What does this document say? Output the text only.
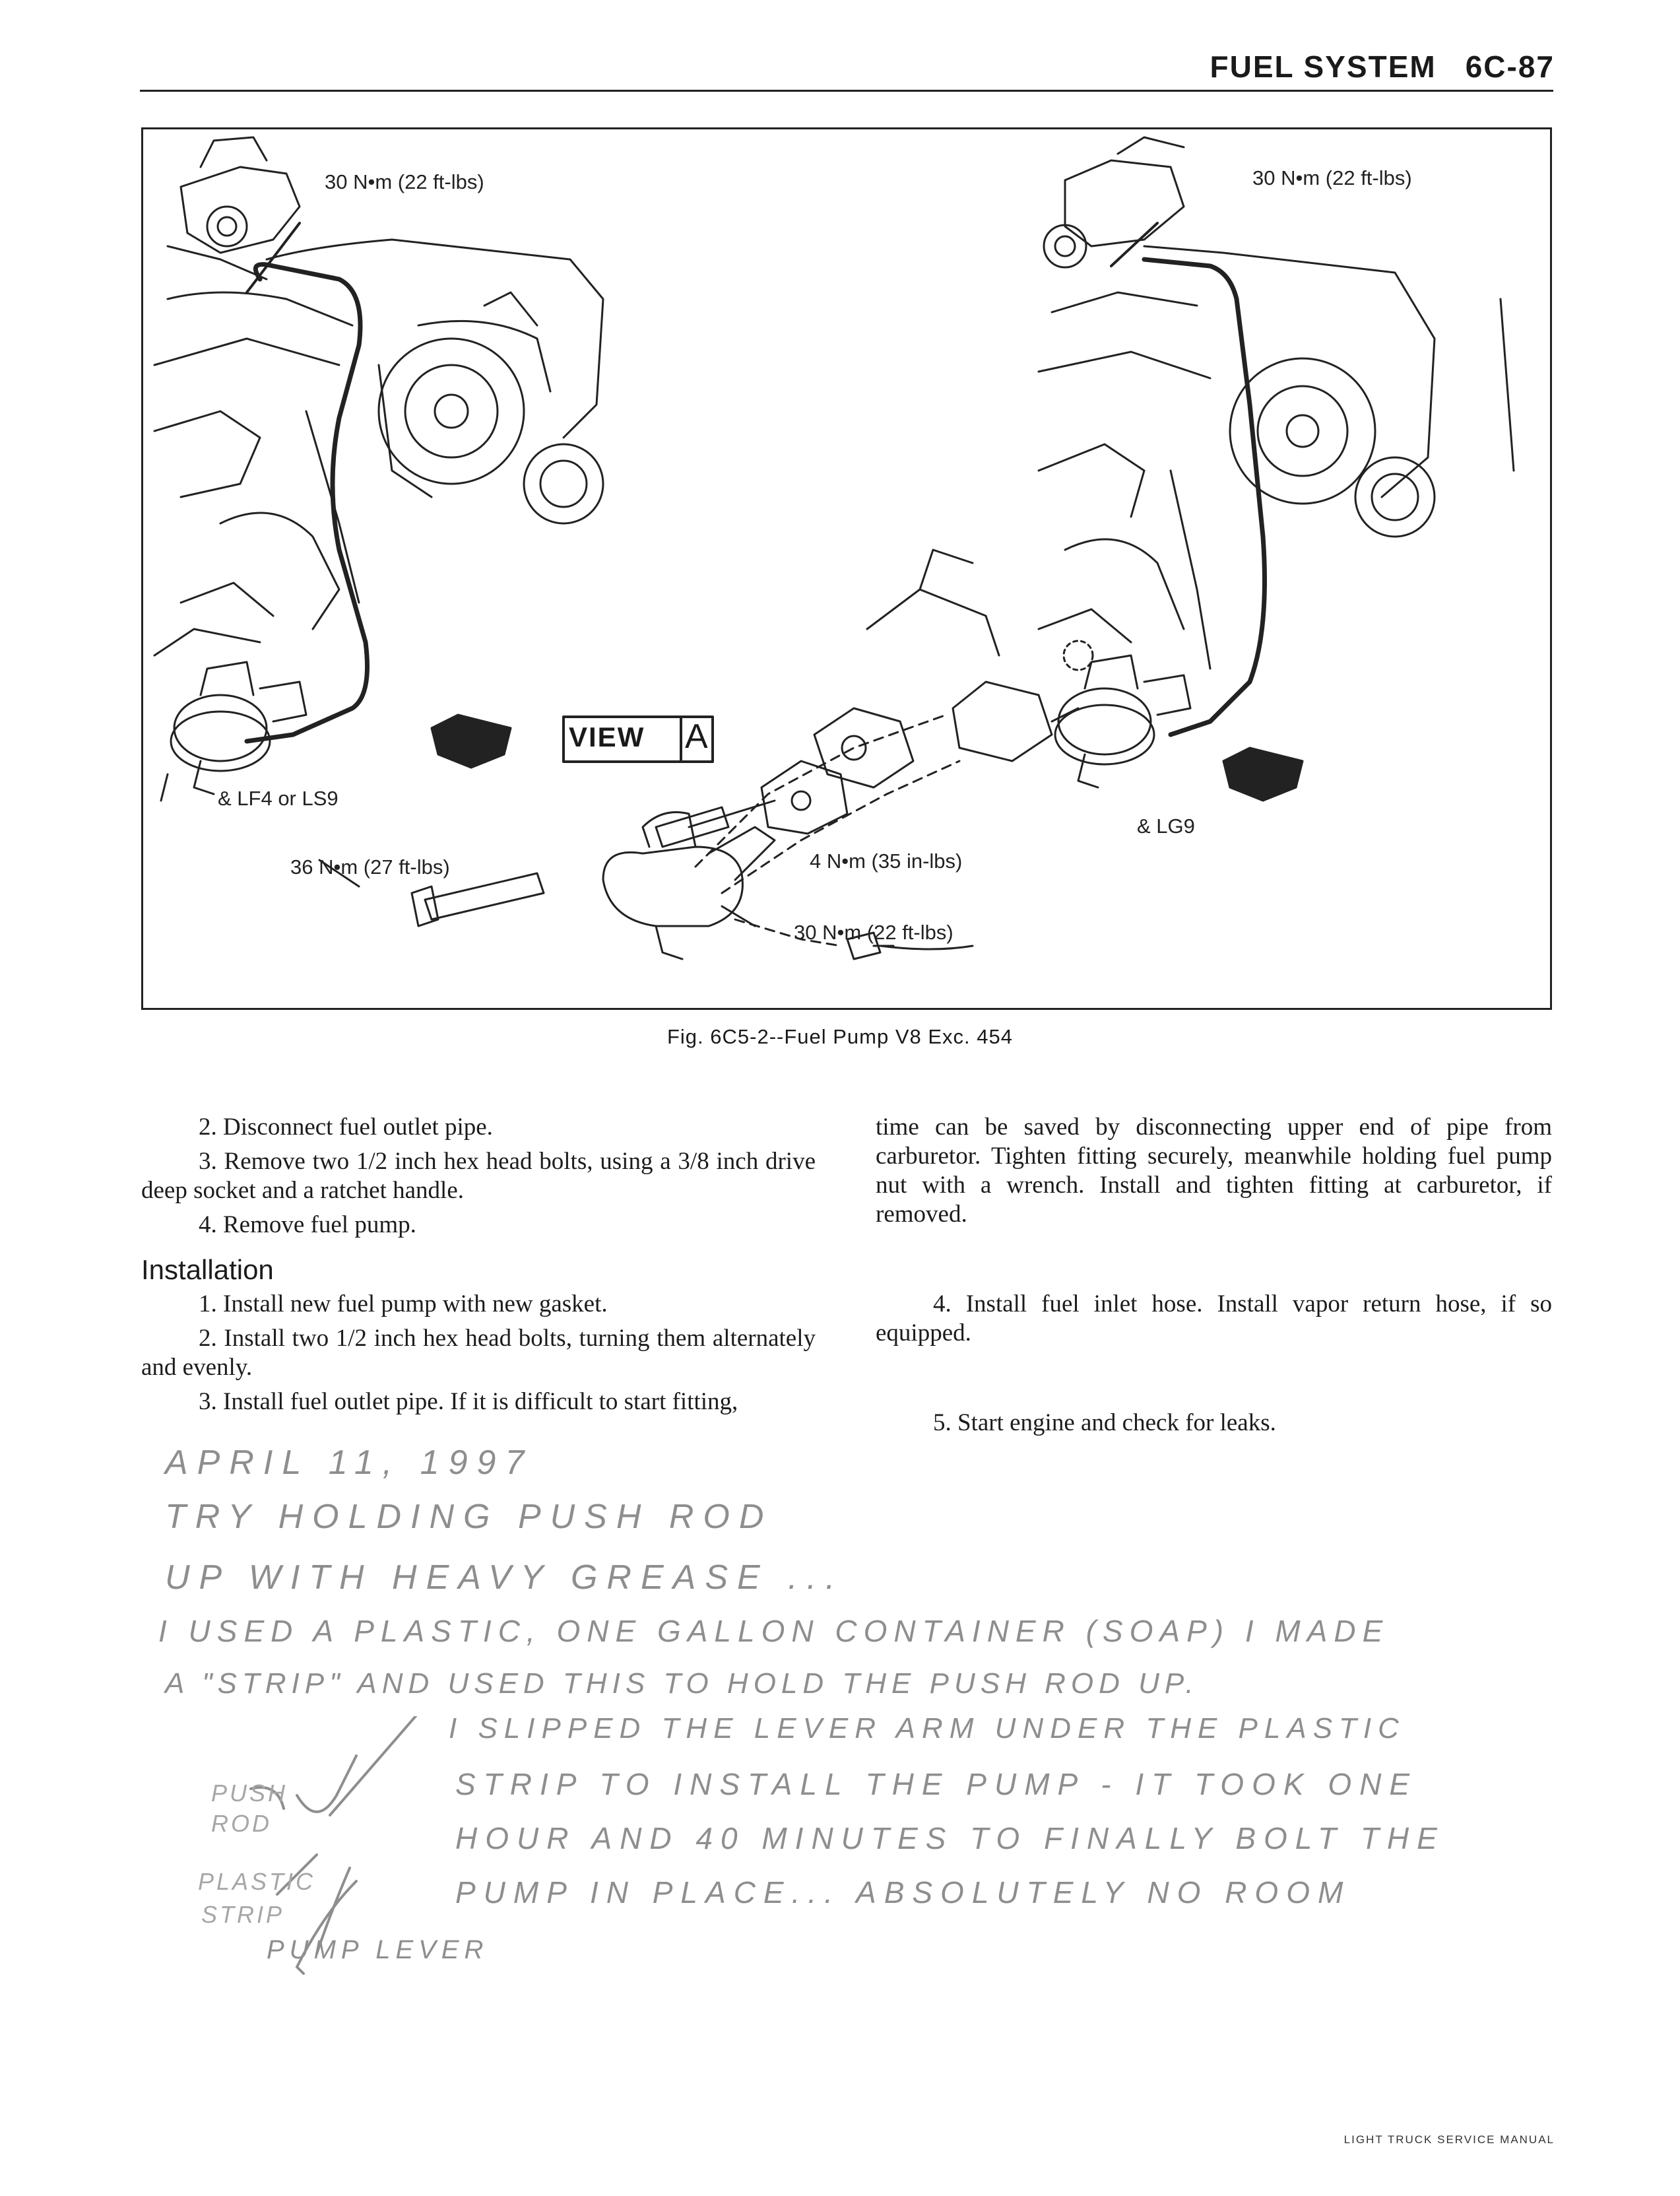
FUEL SYSTEM 6C-87
30 N•m (22 ft-lbs)	30 N•m (22 ft-lbs)
& LF4 or LS9
& LG9
VIEW A
A
A
36 N•m (27 ft-lbs)	4 N•m (35 in-lbs)
30 N•m (22 ft-lbs)
Fig. 6C5-2--Fuel Pump V8 Exc. 454

2. Disconnect fuel outlet pipe.

3. Remove two 1/2 inch hex head bolts, using a 3/8 inch drive deep socket and a ratchet handle.

4. Remove fuel pump.

Installation

1. Install new fuel pump with new gasket.

2. Install two 1/2 inch hex head bolts, turning them alternately and evenly.

3. Install fuel outlet pipe. If it is difficult to start fitting,

time can be saved by disconnecting upper end of pipe from carburetor. Tighten fitting securely, meanwhile holding fuel pump nut with a wrench. Install and tighten fitting at carburetor, if removed.

4. Install fuel inlet hose. Install vapor return hose, if so equipped.

5. Start engine and check for leaks.

APRIL 11, 1997
TRY HOLDING PUSH ROD
UP WITH HEAVY GREASE ...
I USED A PLASTIC, ONE GALLON CONTAINER (SOAP) I MADE
A "STRIP" AND USED THIS TO HOLD THE PUSH ROD UP.
I SLIPPED THE LEVER ARM UNDER THE PLASTIC
STRIP TO INSTALL THE PUMP - IT TOOK ONE
HOUR AND 40 MINUTES TO FINALLY BOLT THE
PUMP IN PLACE... ABSOLUTELY NO ROOM
PUSH
ROD
PLASTIC
STRIP
PUMP LEVER
LIGHT TRUCK SERVICE MANUAL
